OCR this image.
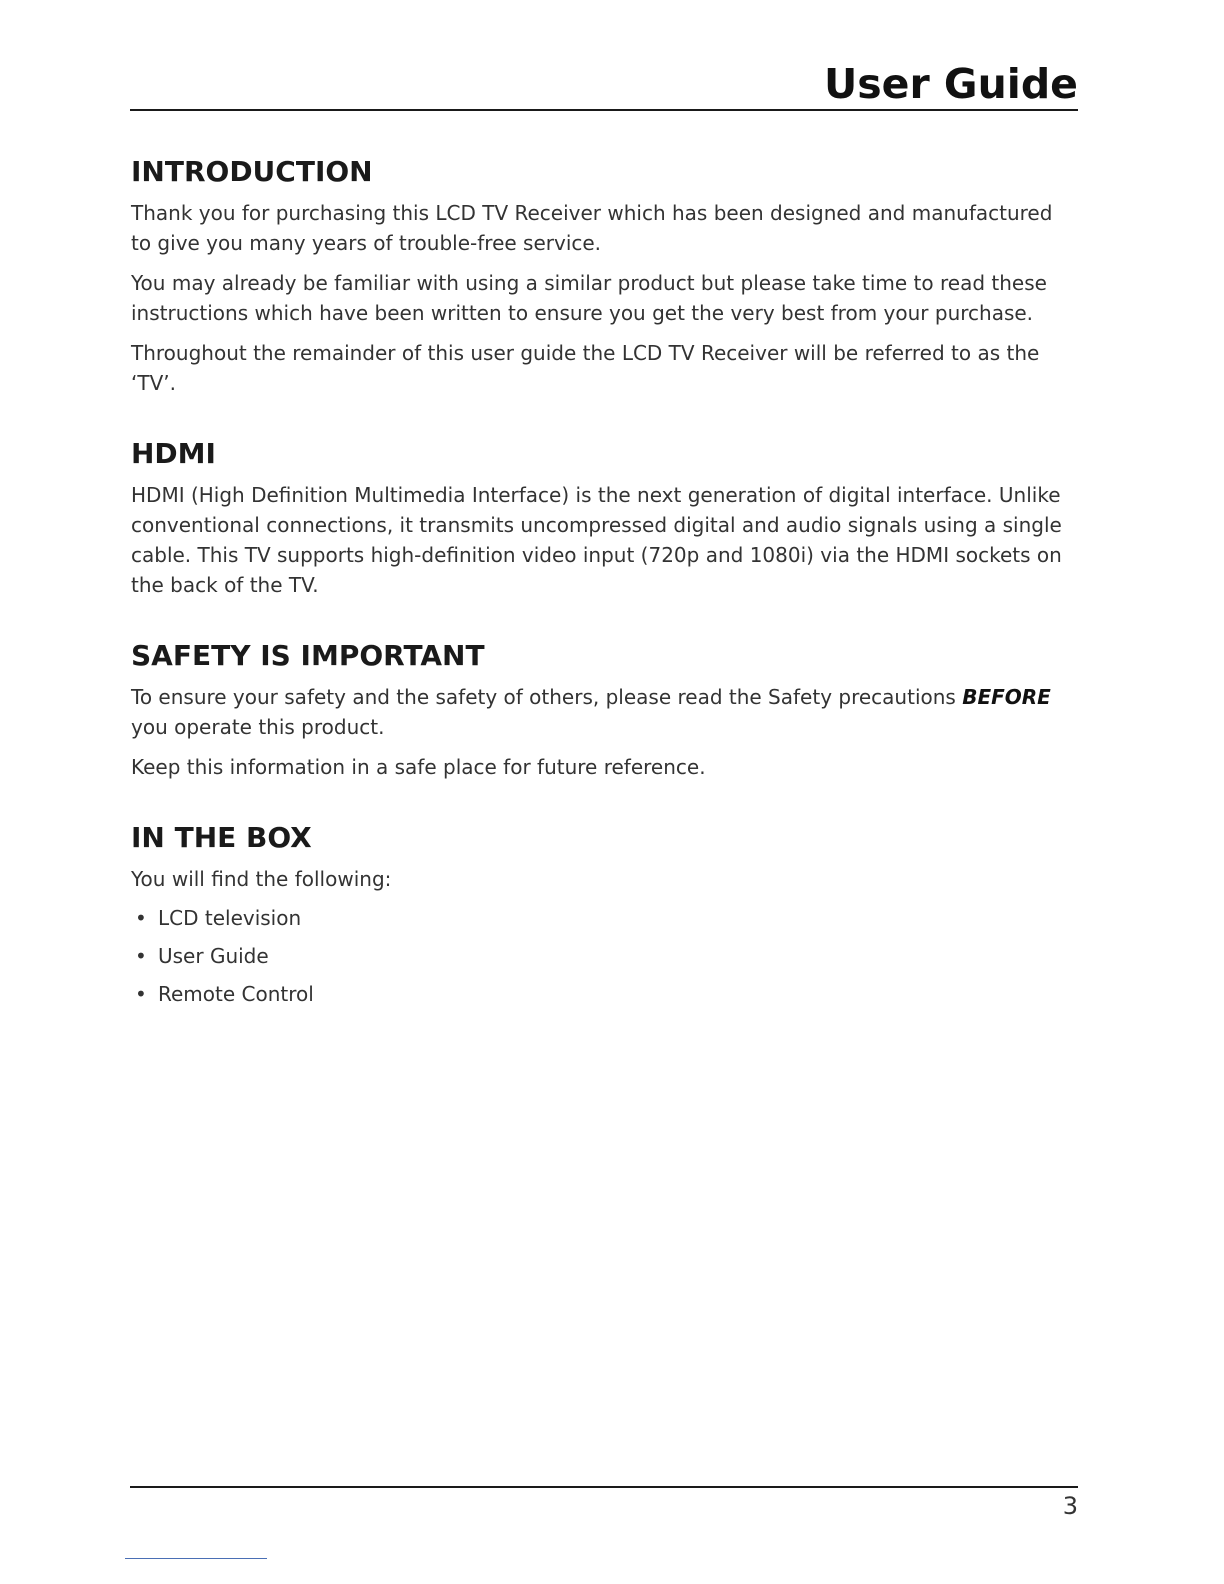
User Guide
INTRODUCTION

Thank you for purchasing this LCD TV Receiver which has been designed and manufactured to give you many years of trouble-free service.

You may already be familiar with using a similar product but please take time to read these instructions which have been written to ensure you get the very best from your purchase.

Throughout the remainder of this user guide the LCD TV Receiver will be referred to as the ‘TV’.

HDMI

HDMI (High Definition Multimedia Interface) is the next generation of digital interface. Unlike conventional connections, it transmits uncompressed digital and audio signals using a single cable. This TV supports high-definition video input (720p and 1080i) via the HDMI sockets on the back of the TV.

SAFETY IS IMPORTANT

To ensure your safety and the safety of others, please read the Safety precautions BEFORE you operate this product.

Keep this information in a safe place for future reference.

IN THE BOX

You will find the following:

• LCD television
• User Guide
• Remote Control
3
